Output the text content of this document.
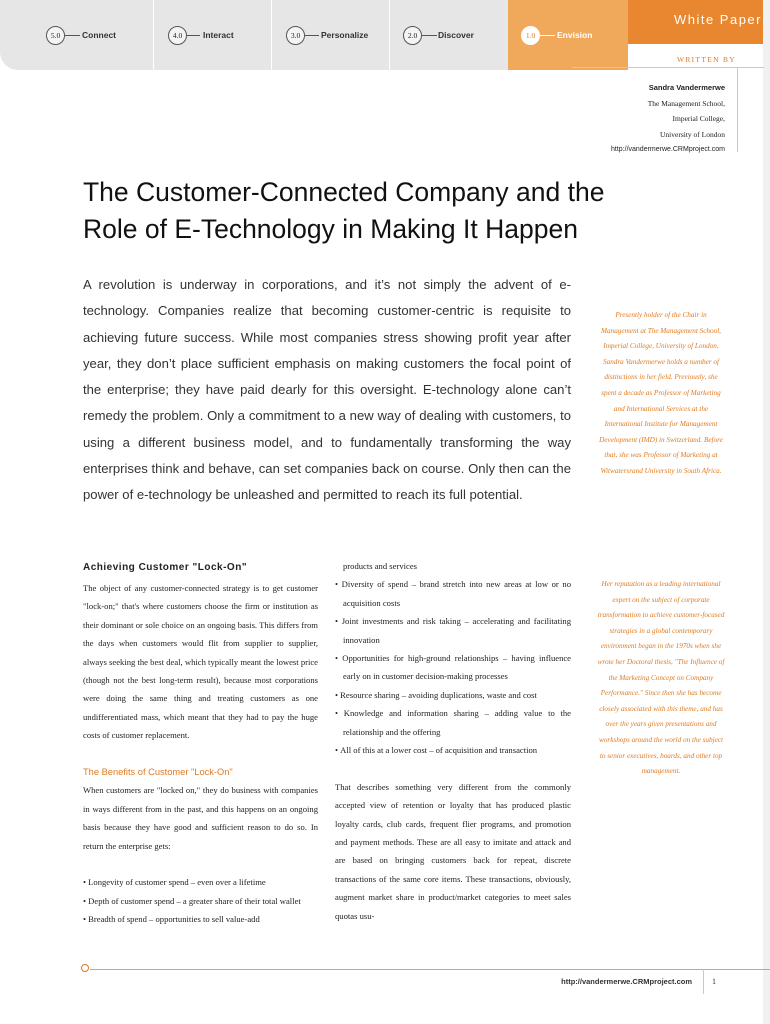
5.0	Connect	4.0	Interact	3.0	Personalize	2.0	Discover	1.0	Envision
White Paper
WRITTEN BY
Sandra Vandermerwe
The Management School,
Imperial College,
University of London
http://vandermerwe.CRMproject.com
The Customer-Connected Company and the Role of E-Technology in Making It Happen

A revolution is underway in corporations, and it’s not simply the advent of e-technology. Companies realize that becoming customer-centric is requisite to achieving future success. While most companies stress showing profit year after year, they don’t place sufficient emphasis on making customers the focal point of the enterprise; they have paid dearly for this oversight. E-technology alone can’t remedy the problem. Only a commitment to a new way of dealing with customers, to using a different business model, and to fundamentally transforming the way enterprises think and behave, can set companies back on course. Only then can the power of e-technology be unleashed and permitted to reach its full potential.

Presently holder of the Chair in Management at The Management School, Imperial College, University of London, Sandra Vandermerwe holds a number of distinctions in her field. Previously, she spent a decade as Professor of Marketing and International Services at the International Institute for Management Development (IMD) in Switzerland. Before that, she was Professor of Marketing at Witwatersrand University in South Africa.

Her reputation as a leading international expert on the subject of corporate transformation to achieve customer-focused strategies in a global contemporary environment began in the 1970s when she wrote her Doctoral thesis, "The Influence of the Marketing Concept on Company Performance." Since then she has become closely associated with this theme, and has over the years given presentations and workshops around the world on the subject to senior executives, boards, and other top management.

Achieving Customer "Lock-On"

The object of any customer-connected strategy is to get customer "lock-on;" that's where customers choose the firm or institution as their dominant or sole choice on an ongoing basis. This differs from the days when customers would flit from supplier to supplier, always seeking the best deal, which typically meant the lowest price (though not the best long-term result), because most corporations were doing the same thing and treating customers as one undifferentiated mass, which meant that they had to pay the huge costs of customer replacement.

The Benefits of Customer "Lock-On"

When customers are "locked on," they do business with companies in ways different from in the past, and this happens on an ongoing basis because they have good and sufficient reason to do so. In return the enterprise gets:

• Longevity of customer spend – even over a lifetime
• Depth of customer spend – a greater share of their total wallet
• Breadth of spend – opportunities to sell value-add

products and services

• Diversity of spend – brand stretch into new areas at low or no acquisition costs
• Joint investments and risk taking – accelerating and facilitating innovation
• Opportunities for high-ground relationships – having influence early on in customer decision-making processes
• Resource sharing – avoiding duplications, waste and cost
• Knowledge and information sharing – adding value to the relationship and the offering
• All of this at a lower cost – of acquisition and transaction

That describes something very different from the commonly accepted view of retention or loyalty that has produced plastic loyalty cards, club cards, frequent flier programs, and promotion and payment methods. These are all easy to imitate and attack and are based on bringing customers back for repeat, discrete transactions of the same core items. These transactions, obviously, augment market share in product/market categories to meet sales quotas usu-

http://vandermerwe.CRMproject.com	1
